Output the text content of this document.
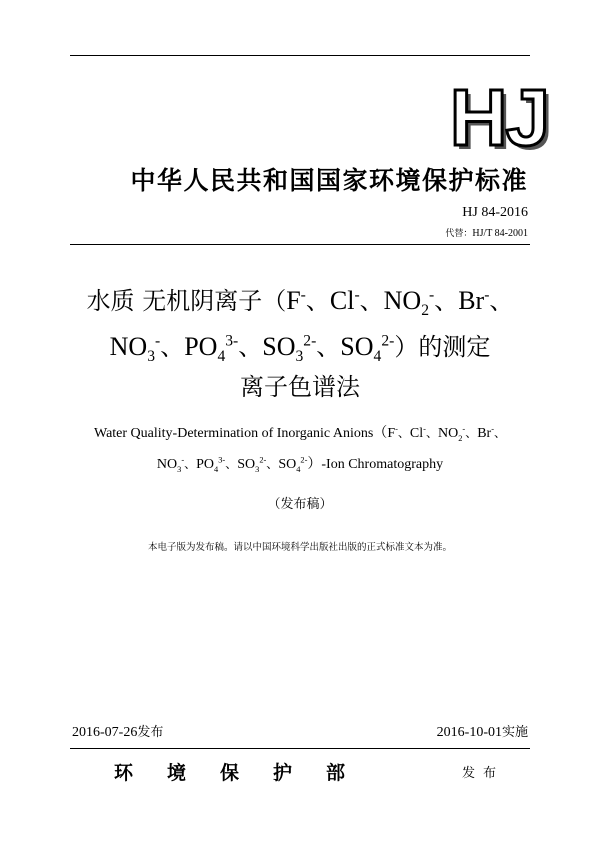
HJ
中华人民共和国国家环境保护标准
HJ 84-2016
代替：HJ/T 84-2001
水质 无机阴离子（F-、Cl-、$NO_2^-$、Br-、
$NO_3^-$、$PO_4^{3-}$、$SO_3^{2-}$、$SO_4^{2-}$）的测定
离子色谱法
Water Quality-Determination of Inorganic Anions（F-、Cl-、$NO_2^-$、Br-、
$NO_3^-$、$PO_4^{3-}$、$SO_3^{2-}$、$SO_4^{2-}$）-Ion Chromatography
（发布稿）
本电子版为发布稿。请以中国环境科学出版社出版的正式标准文本为准。
2016-07-26发布	2016-10-01实施
环境保护部	发布
